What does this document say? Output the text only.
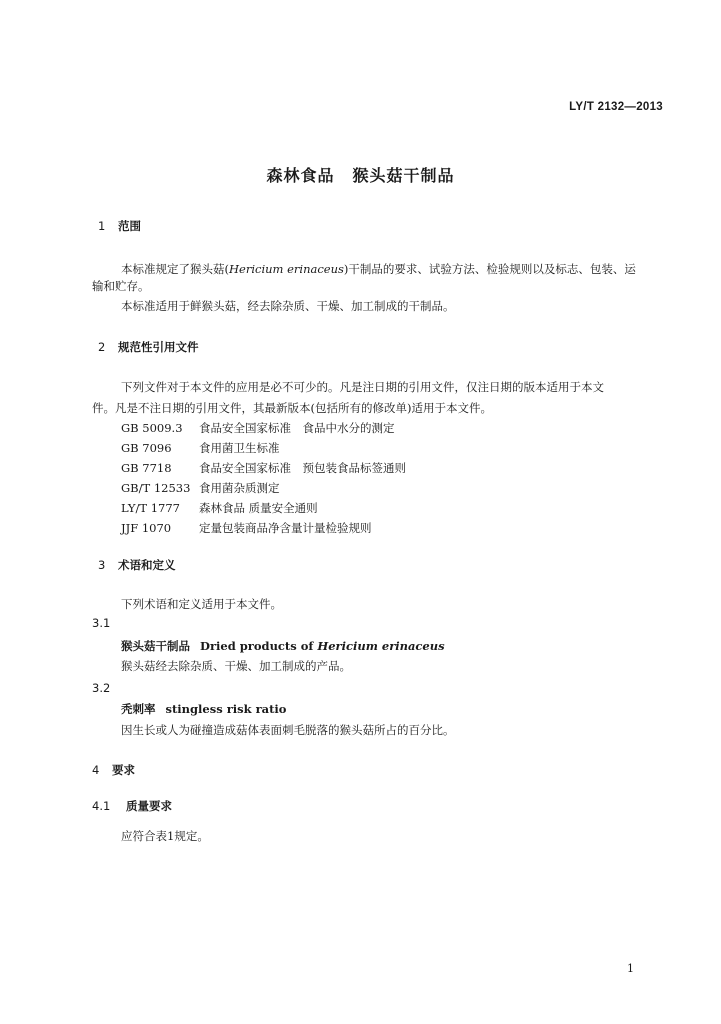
LY/T 2132—2013
森林食品 猴头菇干制品
1 范围
本标准规定了猴头菇(Hericium erinaceus)干制品的要求、试验方法、检验规则以及标志、包装、运
输和贮存。
本标准适用于鲜猴头菇，经去除杂质、干燥、加工制成的干制品。
2 规范性引用文件
下列文件对于本文件的应用是必不可少的。凡是注日期的引用文件，仅注日期的版本适用于本文
件。凡是不注日期的引用文件，其最新版本(包括所有的修改单)适用于本文件。
GB 5009.3 食品安全国家标准　食品中水分的测定
GB 7096 食用菌卫生标准
GB 7718 食品安全国家标准　预包装食品标签通则
GB/T 12533 食用菌杂质测定
LY/T 1777 森林食品 质量安全通则
JJF 1070 定量包装商品净含量计量检验规则
3 术语和定义
下列术语和定义适用于本文件。
3.1
猴头菇干制品 Dried products of Hericium erinaceus
猴头菇经去除杂质、干燥、加工制成的产品。
3.2
秃刺率 stingless risk ratio
因生长或人为碰撞造成菇体表面刺毛脱落的猴头菇所占的百分比。
4 要求
4.1 质量要求
应符合表1规定。
1
